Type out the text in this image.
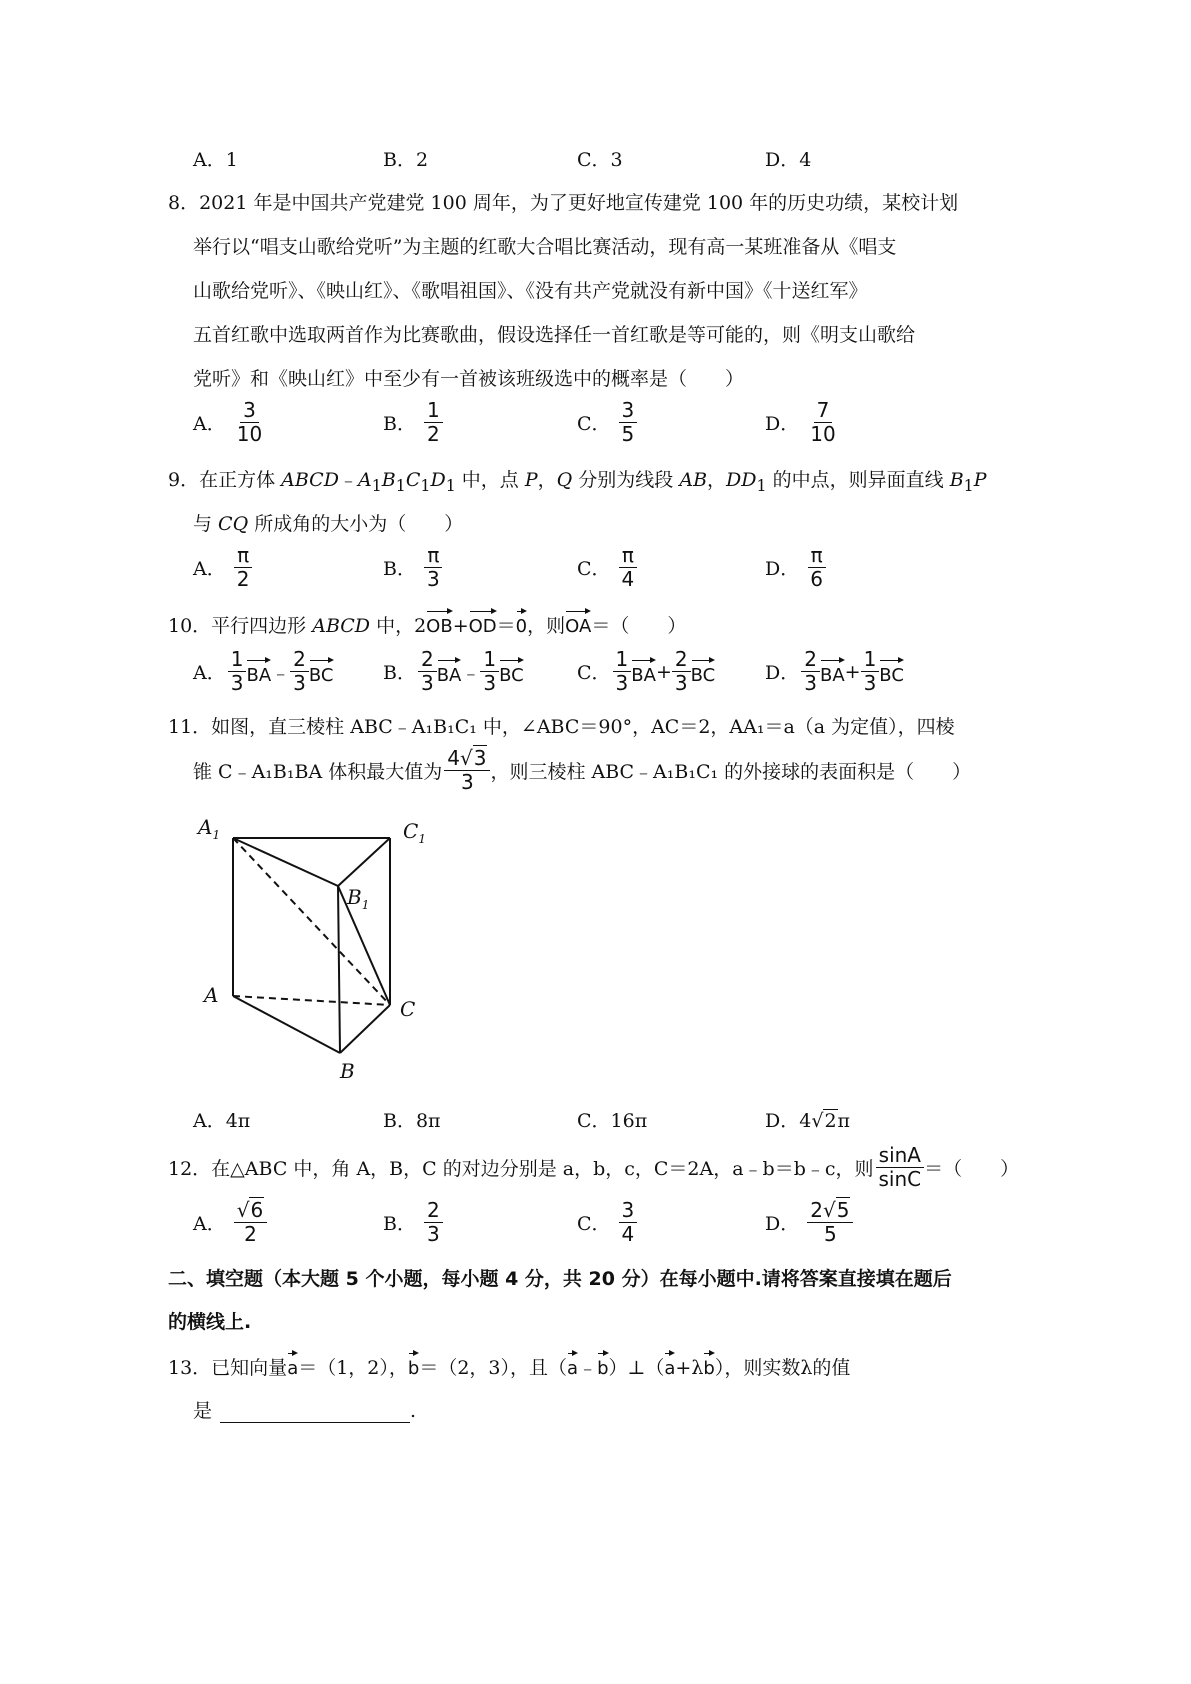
A．1	B．2	C．3	D．4
8．2021 年是中国共产党建党 100 周年，为了更好地宣传建党 100 年的历史功绩，某校计划
举行以“唱支山歌给党听”为主题的红歌大合唱比赛活动，现有高一某班准备从《唱支
山歌给党听》、《映山红》、《歌唱祖国》、《没有共产党就没有新中国》《十送红军》
五首红歌中选取两首作为比赛歌曲，假设选择任一首红歌是等可能的，则《明支山歌给
党听》和《映山红》中至少有一首被该班级选中的概率是（　　）
A． $\frac{3}{10}$	B． $\frac{1}{2}$	C． $\frac{3}{5}$	D． $\frac{7}{10}$
9．在正方体 $ABCD﹣A_1B_1C_1D_1$ 中，点 P，Q 分别为线段 AB，$DD_1$ 的中点，则异面直线 $B_1P$
与 CQ 所成角的大小为（　　）
A． $\frac{\pi}{2}$	B． $\frac{\pi}{3}$	C． $\frac{\pi}{4}$	D． $\frac{\pi}{6}$
10．平行四边形 ABCD 中，2OB+OD＝0，则OA＝（　　）
A． $\frac{1}{3}$ BA ﹣ $\frac{2}{3}$ BC	B． $\frac{2}{3}$ BA ﹣ $\frac{1}{3}$ BC	C． $\frac{1}{3}$ BA + $\frac{2}{3}$ BC	D． $\frac{2}{3}$ BA + $\frac{1}{3}$ BC
11．如图，直三棱柱 ABC﹣A₁B₁C₁ 中，∠ABC＝90°，AC＝2，AA₁＝a（a 为定值），四棱
锥 C﹣A₁B₁BA 体积最大值为 $\frac{4√3}{3}$ ，则三棱柱 ABC﹣A₁B₁C₁ 的外接球的表面积是（　　）
$A_1$	$C_1$
$B_1$
A
C
B
A．4π	B．8π	C．16π	D．4√2π
12．在△ABC 中，角 A，B，C 的对边分别是 a，b，c，C＝2A，a﹣b＝b﹣c，则 $\frac{\sin A}{\sin C}$ ＝（　　）
A． $\frac{√6}{2}$	B． $\frac{2}{3}$	C． $\frac{3}{4}$	D． $\frac{2√5}{5}$
二、填空题（本大题 5 个小题，每小题 4 分，共 20 分）在每小题中.请将答案直接填在题后
的横线上.
13．已知向量a＝（1，2），b＝（2，3），且（a﹣b）⊥（a+λb），则实数λ的值
是	.
